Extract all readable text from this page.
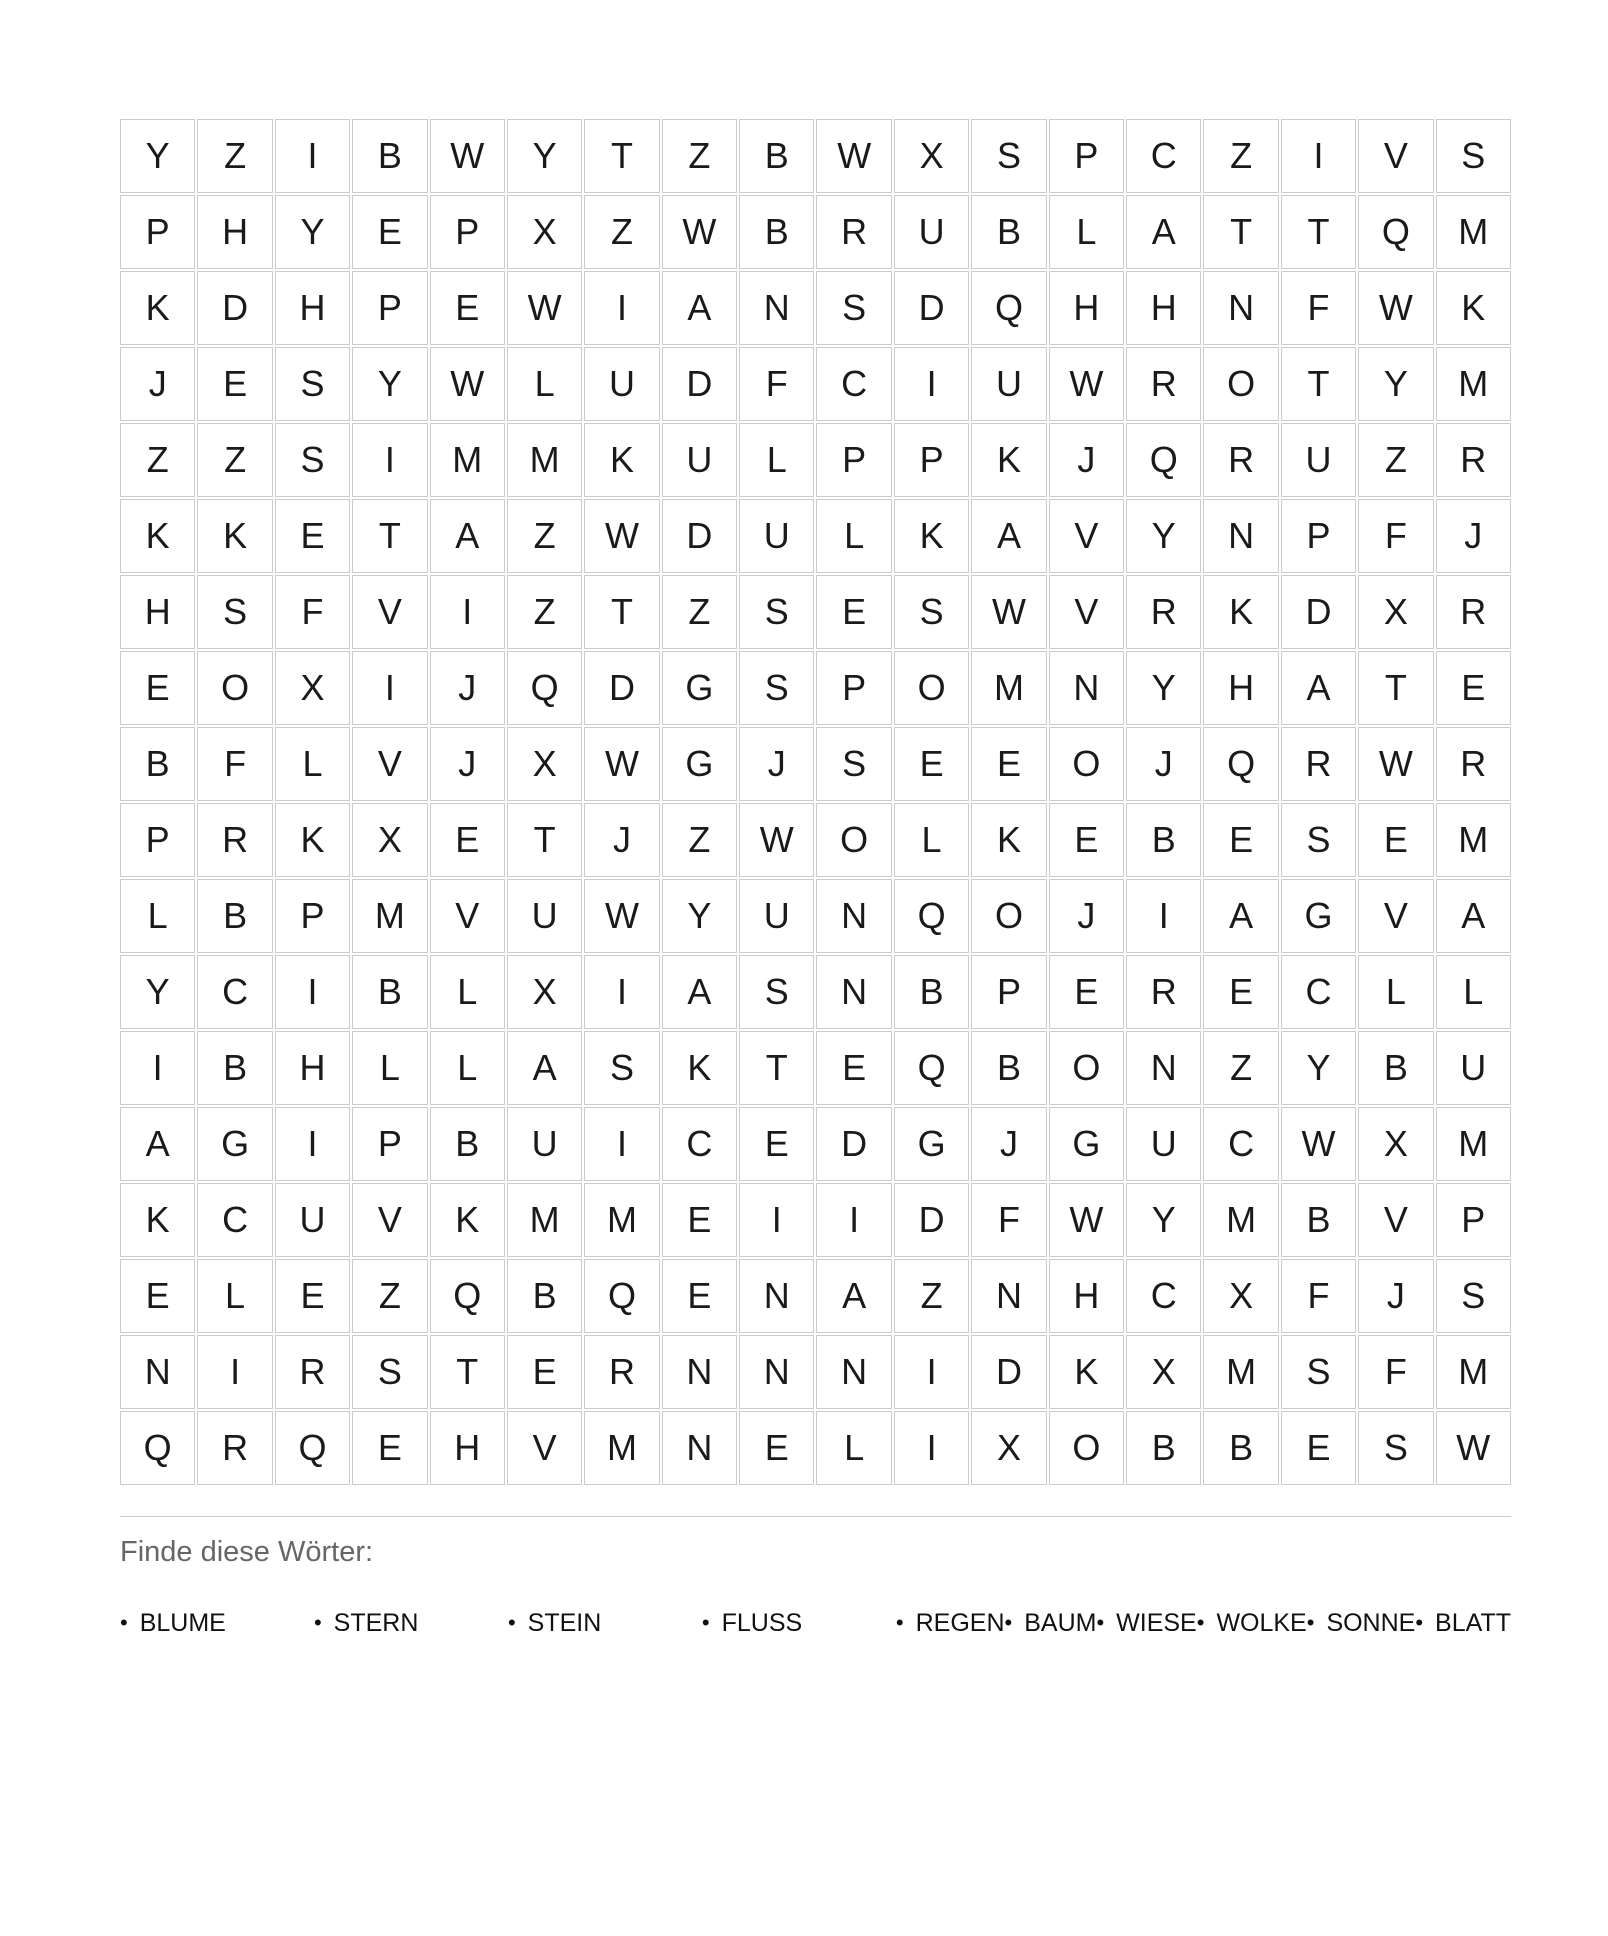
Y	Z	I	B	W	Y	T	Z	B	W	X	S	P	C	Z	I	V	S
P	H	Y	E	P	X	Z	W	B	R	U	B	L	A	T	T	Q	M
K	D	H	P	E	W	I	A	N	S	D	Q	H	H	N	F	W	K
J	E	S	Y	W	L	U	D	F	C	I	U	W	R	O	T	Y	M
Z	Z	S	I	M	M	K	U	L	P	P	K	J	Q	R	U	Z	R
K	K	E	T	A	Z	W	D	U	L	K	A	V	Y	N	P	F	J
H	S	F	V	I	Z	T	Z	S	E	S	W	V	R	K	D	X	R
E	O	X	I	J	Q	D	G	S	P	O	M	N	Y	H	A	T	E
B	F	L	V	J	X	W	G	J	S	E	E	O	J	Q	R	W	R
P	R	K	X	E	T	J	Z	W	O	L	K	E	B	E	S	E	M
L	B	P	M	V	U	W	Y	U	N	Q	O	J	I	A	G	V	A
Y	C	I	B	L	X	I	A	S	N	B	P	E	R	E	C	L	L
I	B	H	L	L	A	S	K	T	E	Q	B	O	N	Z	Y	B	U
A	G	I	P	B	U	I	C	E	D	G	J	G	U	C	W	X	M
K	C	U	V	K	M	M	E	I	I	D	F	W	Y	M	B	V	P
E	L	E	Z	Q	B	Q	E	N	A	Z	N	H	C	X	F	J	S
N	I	R	S	T	E	R	N	N	N	I	D	K	X	M	S	F	M
Q	R	Q	E	H	V	M	N	E	L	I	X	O	B	B	E	S	W
Finde diese Wörter:
• BLUME	• STERN	• STEIN	• FLUSS	• REGEN • BAUM • WIESE • WOLKE • SONNE • BLATT
